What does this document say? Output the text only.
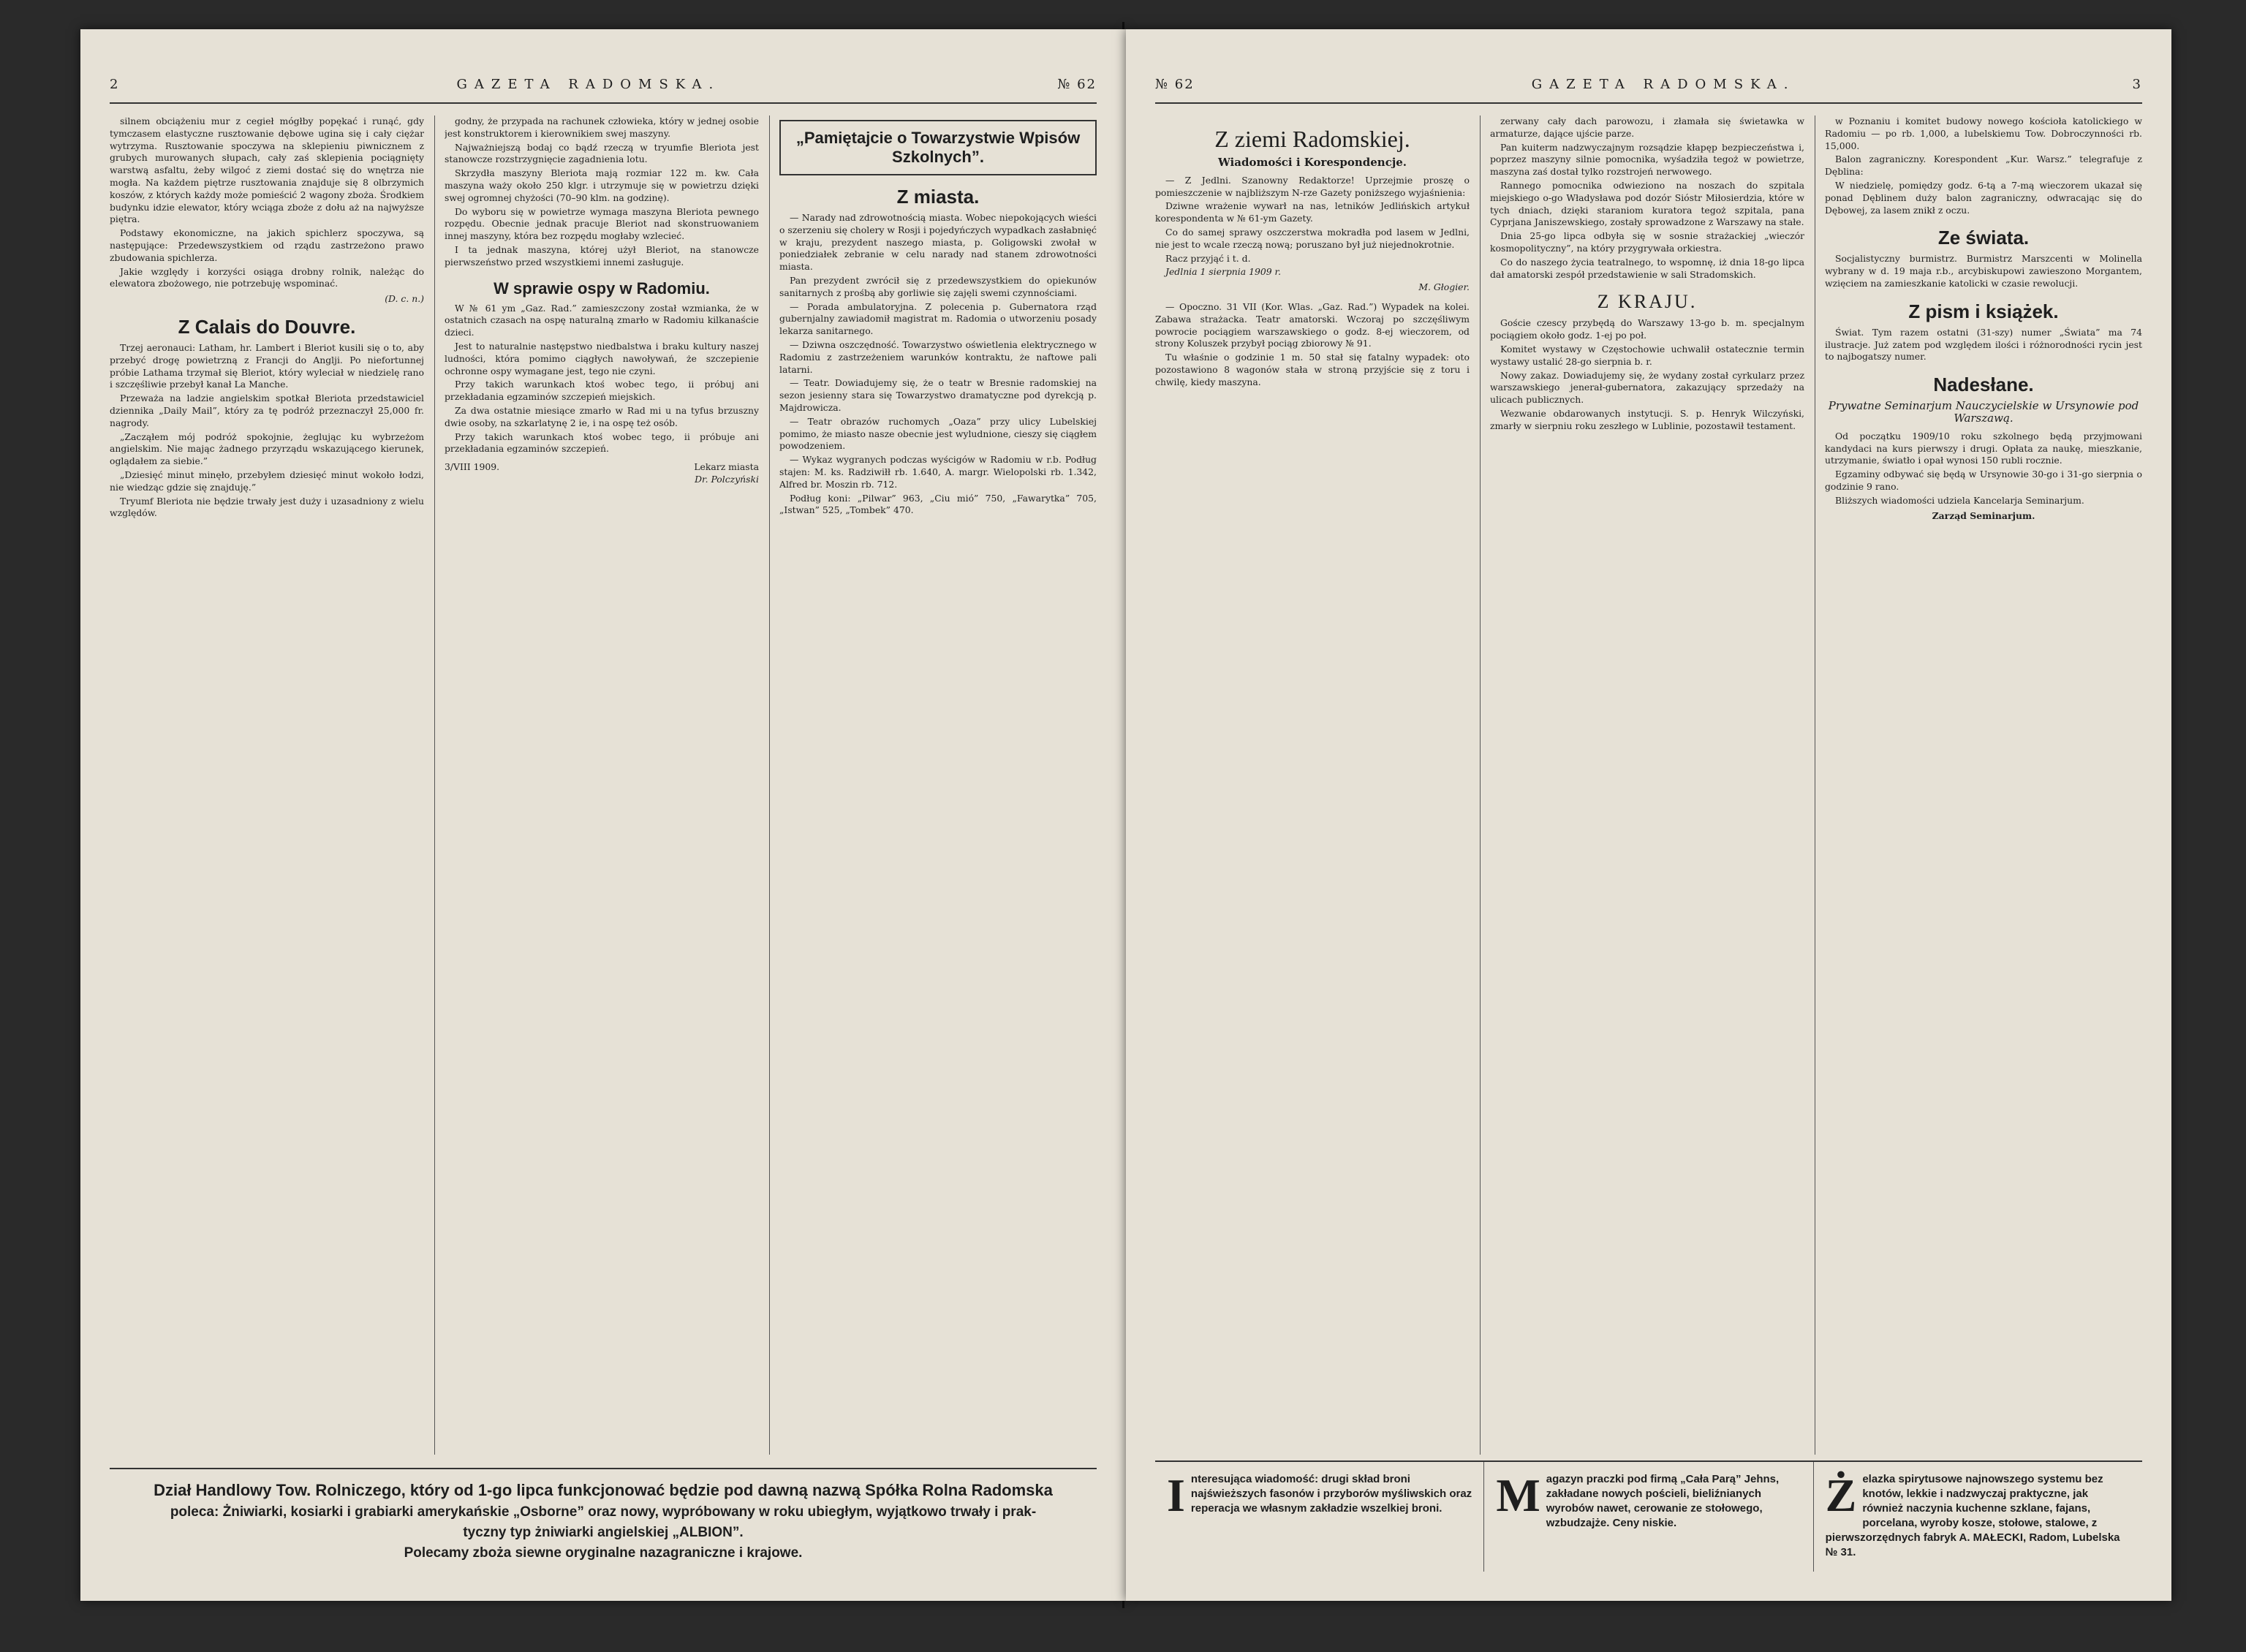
2	GAZETA RADOMSKA.	№ 62

silnem obciążeniu mur z cegieł mógłby popękać i runąć, gdy tymczasem elastyczne rusztowanie dębowe ugina się i cały ciężar wytrzyma. Rusztowanie spoczywa na sklepieniu piwnicznem z grubych murowanych słupach, cały zaś sklepienia pociągnięty warstwą asfaltu, żeby wilgoć z ziemi dostać się do wnętrza nie mogła. Na każdem piętrze rusztowania znajduje się 8 olbrzymich koszów, z których każdy może pomieścić 2 wagony zboża. Środkiem budynku idzie elewator, który wciąga zboże z dołu aż na najwyższe piętra.

Podstawy ekonomiczne, na jakich spichlerz spoczywa, są następujące: Przedewszystkiem od rządu zastrzeżono prawo zbudowania spichlerza.

Jakie względy i korzyści osiąga drobny rolnik, należąc do elewatora zbożowego, nie potrzebuję wspominać.

(D. c. n.)
Z Calais do Douvre.

Trzej aeronauci: Latham, hr. Lambert i Bleriot kusili się o to, aby przebyć drogę powietrzną z Francji do Anglji. Po niefortunnej próbie Lathama trzymał się Bleriot, który wyleciał w niedzielę rano i szczęśliwie przebył kanał La Manche.

Przeważa na ladzie angielskim spotkał Bleriota przedstawiciel dziennika „Daily Mail”, który za tę podróż przeznaczył 25,000 fr. nagrody.

„Zacząłem mój podróż spokojnie, żeglując ku wybrzeżom angielskim. Nie mając żadnego przyrządu wskazującego kierunek, oglądałem za siebie.”

„Dziesięć minut minęło, przebyłem dziesięć minut wokoło łodzi, nie wiedząc gdzie się znajduję.”

Tryumf Bleriota nie będzie trwały jest duży i uzasadniony z wielu względów.

godny, że przypada na rachunek człowieka, który w jednej osobie jest konstruktorem i kierownikiem swej maszyny.

Najważniejszą bodaj co bądź rzeczą w tryumfie Bleriota jest stanowcze rozstrzygnięcie zagadnienia lotu.

Skrzydła maszyny Bleriota mają rozmiar 122 m. kw. Cała maszyna waży około 250 klgr. i utrzymuje się w powietrzu dzięki swej ogromnej chyżości (70–90 klm. na godzinę).

Do wyboru się w powietrze wymaga maszyna Bleriota pewnego rozpędu. Obecnie jednak pracuje Bleriot nad skonstruowaniem innej maszyny, która bez rozpędu mogłaby wzlecieć.

I ta jednak maszyna, której użył Bleriot, na stanowcze pierwszeństwo przed wszystkiemi innemi zasługuje.

W sprawie ospy w Radomiu.

W № 61 ym „Gaz. Rad.” zamieszczony został wzmianka, że w ostatnich czasach na ospę naturalną zmarło w Radomiu kilkanaście dzieci.

Jest to naturalnie następstwo niedbalstwa i braku kultury naszej ludności, która pomimo ciągłych nawoływań, że szczepienie ochronne ospy wymagane jest, tego nie czyni.

Przy takich warunkach ktoś wobec tego, ii próbuj ani przekładania egzaminów szczepień miejskich.

Za dwa ostatnie miesiące zmarło w Rad mi u na tyfus brzuszny dwie osoby, na szkarlatynę 2 ie, i na ospę też osób.

Przy takich warunkach ktoś wobec tego, ii próbuje ani przekładania egzaminów szczepień.

3/VIII 1909.	Lekarz miasta
Dr. Polczyński
„Pamiętajcie o Towarzystwie Wpisów Szkolnych”.
Z miasta.

— Narady nad zdrowotnością miasta. Wobec niepokojących wieści o szerzeniu się cholery w Rosji i pojedyńczych wypadkach zasłabnięć w kraju, prezydent naszego miasta, p. Goligowski zwołał w poniedziałek zebranie w celu narady nad stanem zdrowotności miasta.

Pan prezydent zwrócił się z przedewszystkiem do opiekunów sanitarnych z prośbą aby gorliwie się zajęli swemi czynnościami.

— Porada ambulatoryjna. Z polecenia p. Gubernatora rząd gubernjalny zawiadomił magistrat m. Radomia o utworzeniu posady lekarza sanitarnego.

— Dziwna oszczędność. Towarzystwo oświetlenia elektrycznego w Radomiu z zastrzeżeniem warunków kontraktu, że naftowe pali latarni.

— Teatr. Dowiadujemy się, że o teatr w Bresnie radomskiej na sezon jesienny stara się Towarzystwo dramatyczne pod dyrekcją p. Majdrowicza.

— Teatr obrazów ruchomych „Oaza” przy ulicy Lubelskiej pomimo, że miasto nasze obecnie jest wyludnione, cieszy się ciągłem powodzeniem.

— Wykaz wygranych podczas wyścigów w Radomiu w r.b. Podług stajen: M. ks. Radziwiłł rb. 1.640, A. margr. Wielopolski rb. 1.342, Alfred br. Moszin rb. 712.

Podług koni: „Pilwar” 963, „Ciu mió” 750, „Fawarytka” 705, „Istwan” 525, „Tombek” 470.

Dział Handlowy Tow. Rolniczego, który od 1-go lipca funkcjonować będzie pod dawną nazwą Spółka Rolna Radomska
poleca: Żniwiarki, kosiarki i grabiarki amerykańskie „Osborne” oraz nowy, wypróbowany w roku ubiegłym, wyjątkowo trwały i prak-
tyczny typ żniwiarki angielskiej „ALBION”.
Polecamy zboża siewne oryginalne nazagraniczne i krajowe.
№ 62	GAZETA RADOMSKA.	3
Z ziemi Radomskiej.
Wiadomości i Korespondencje.

— Z Jedlni. Szanowny Redaktorze! Uprzejmie proszę o pomieszczenie w najbliższym N-rze Gazety poniższego wyjaśnienia:

Dziwne wrażenie wywarł na nas, letników Jedlińskich artykuł korespondenta w № 61-ym Gazety.

Co do samej sprawy oszczerstwa mokradła pod lasem w Jedlni, nie jest to wcale rzeczą nową; poruszano był już niejednokrotnie.

Racz przyjąć i t. d.

Jedlnia 1 sierpnia 1909 r.

M. Głogier.

— Opoczno. 31 VII (Kor. Wlas. „Gaz. Rad.”) Wypadek na kolei. Zabawa strażacka. Teatr amatorski. Wczoraj po szczęśliwym powrocie pociągiem warszawskiego o godz. 8-ej wieczorem, od strony Koluszek przybył pociąg zbiorowy № 91.

Tu właśnie o godzinie 1 m. 50 stał się fatalny wypadek: oto pozostawiono 8 wagonów stała w stroną przyjście się z toru i chwilę, kiedy maszyna.

zerwany cały dach parowozu, i złamała się świetawka w armaturze, dające ujście parze.

Pan kuiterm nadzwyczajnym rozsądzie kłapęp bezpieczeństwa i, poprzez maszyny silnie pomocnika, wyśadziła tegoż w powietrze, maszyna zaś dostał tylko rozstrojeń nerwowego.

Rannego pomocnika odwieziono na noszach do szpitala miejskiego o-go Władysława pod dozór Sióstr Miłosierdzia, które w tych dniach, dzięki staraniom kuratora tegoż szpitala, pana Cyprjana Janiszewskiego, zostały sprowadzone z Warszawy na stałe.

Dnia 25-go lipca odbyła się w sosnie strażackiej „wieczór kosmopolityczny”, na który przygrywała orkiestra.

Co do naszego życia teatralnego, to wspomnę, iż dnia 18-go lipca dał amatorski zespół przedstawienie w sali Stradomskich.

Z KRAJU.

Goście czescy przybędą do Warszawy 13-go b. m. specjalnym pociągiem około godz. 1-ej po poł.

Komitet wystawy w Częstochowie uchwalił ostatecznie termin wystawy ustalić 28-go sierpnia b. r.

Nowy zakaz. Dowiadujemy się, że wydany został cyrkularz przez warszawskiego jenerał-gubernatora, zakazujący sprzedaży na ulicach publicznych.

Wezwanie obdarowanych instytucji. S. p. Henryk Wilczyński, zmarły w sierpniu roku zeszłego w Lublinie, pozostawił testament.

w Poznaniu i komitet budowy nowego kościoła katolickiego w Radomiu — po rb. 1,000, a lubelskiemu Tow. Dobroczynności rb. 15,000.

Balon zagraniczny. Korespondent „Kur. Warsz.” telegrafuje z Dęblina:

W niedzielę, pomiędzy godz. 6-tą a 7-mą wieczorem ukazał się ponad Dęblinem duży balon zagraniczny, odwracając się do Dębowej, za lasem znikł z oczu.

Ze świata.

Socjalistyczny burmistrz. Burmistrz Marszcenti w Molinella wybrany w d. 19 maja r.b., arcybiskupowi zawieszono Morgantem, wzięciem na zamieszkanie katolicki w czasie rewolucji.

Z pism i książek.

Świat. Tym razem ostatni (31-szy) numer „Świata” ma 74 ilustracje. Już zatem pod względem ilości i różnorodności rycin jest to najbogatszy numer.

Nadesłane.
Prywatne Seminarjum Nauczycielskie w Ursynowie pod Warszawą.

Od początku 1909/10 roku szkolnego będą przyjmowani kandydaci na kurs pierwszy i drugi. Opłata za naukę, mieszkanie, utrzymanie, światło i opał wynosi 150 rubli rocznie.

Egzaminy odbywać się będą w Ursynowie 30-go i 31-go sierpnia o godzinie 9 rano.

Bliższych wiadomości udziela Kancelarja Seminarjum.

Zarząd Seminarjum.
I nteresująca wiadomość: drugi skład broni najświeższych fasonów i przyborów myśliwskich oraz reperacja we własnym zakładzie wszelkiej broni.	M agazyn praczki pod firmą „Cała Parą” Jehns, zakładane nowych pościeli, bieliźnianych wyrobów nawet, cerowanie ze stołowego, wzbudzajże. Ceny niskie.
Ż elazka spirytusowe najnowszego systemu bez knotów, lekkie i nadzwyczaj praktyczne, jak również naczynia kuchenne szklane, fajans, porcelana, wyroby kosze, stołowe, stalowe, z pierwszorzędnych fabryk A. MAŁECKI, Radom, Lubelska № 31.
